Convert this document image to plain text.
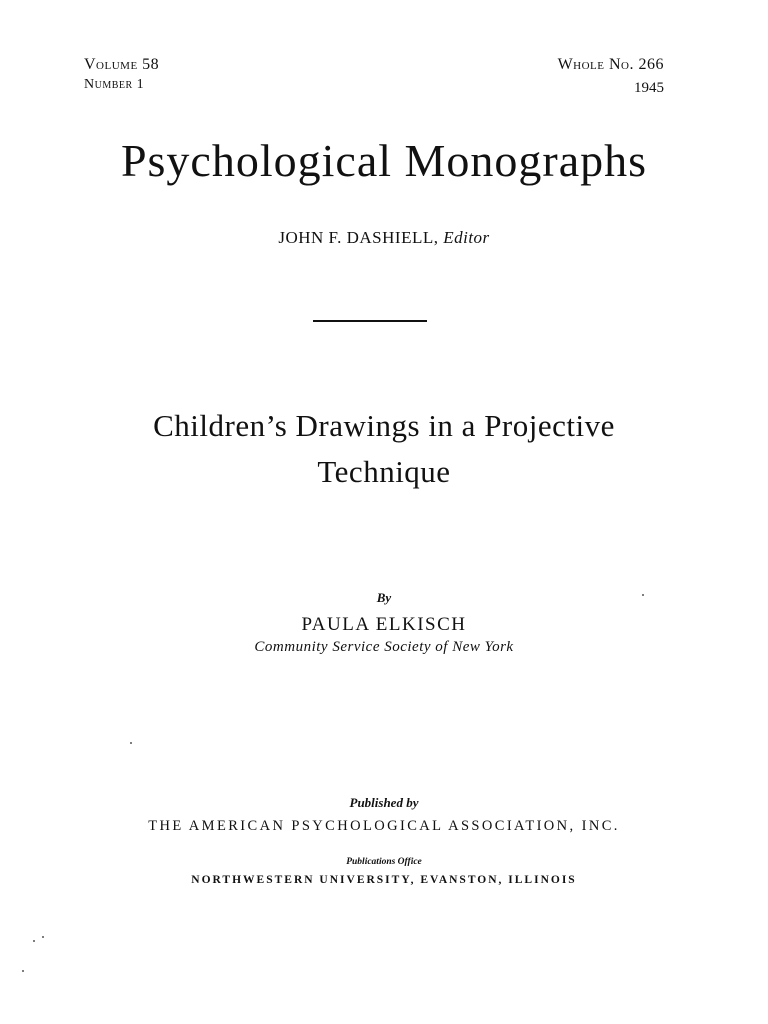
Volume 58
Number 1
Whole No. 266
1945
Psychological Monographs
JOHN F. DASHIELL, Editor
Children’s Drawings in a Projective
Technique
By
PAULA ELKISCH
Community Service Society of New York
Published by
THE AMERICAN PSYCHOLOGICAL ASSOCIATION, INC.
Publications Office
NORTHWESTERN UNIVERSITY, EVANSTON, ILLINOIS
